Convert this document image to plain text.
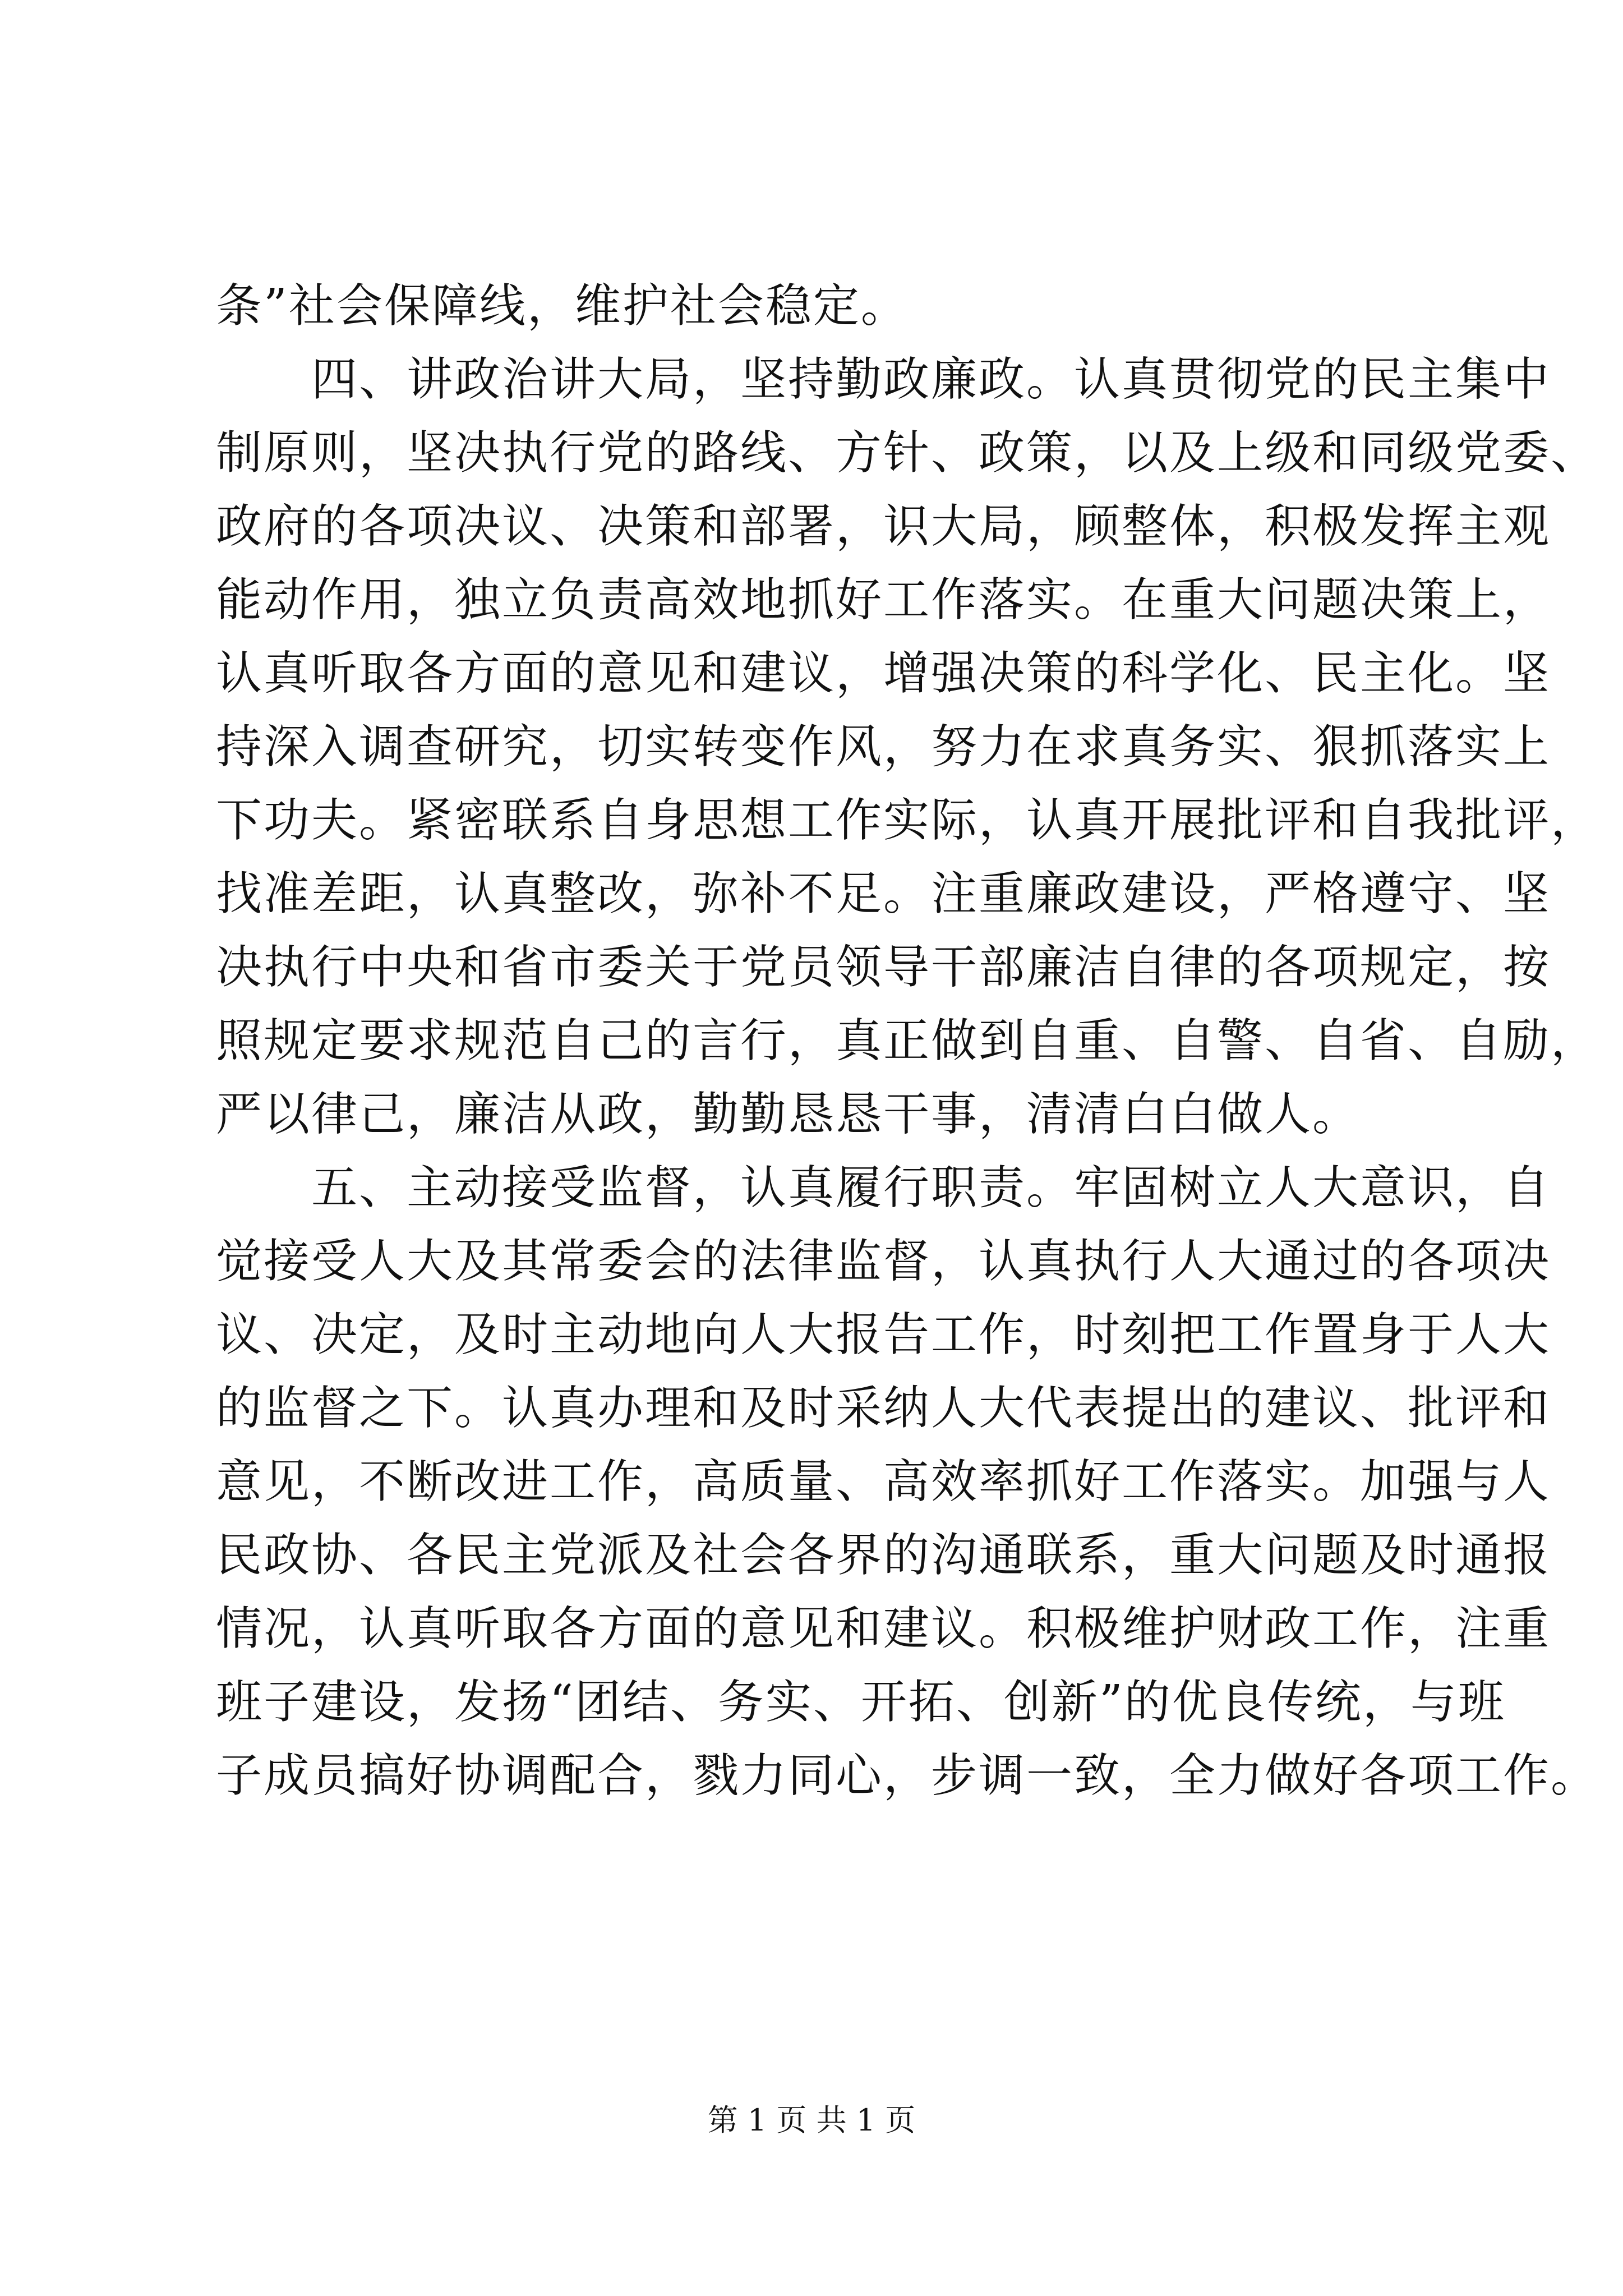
条”社会保障线，维护社会稳定。
四、讲政治讲大局，坚持勤政廉政。认真贯彻党的民主集中
制原则，坚决执行党的路线、方针、政策，以及上级和同级党委、
政府的各项决议、决策和部署，识大局，顾整体，积极发挥主观
能动作用，独立负责高效地抓好工作落实。在重大问题决策上，
认真听取各方面的意见和建议，增强决策的科学化、民主化。坚
持深入调查研究，切实转变作风，努力在求真务实、狠抓落实上
下功夫。紧密联系自身思想工作实际，认真开展批评和自我批评，
找准差距，认真整改，弥补不足。注重廉政建设，严格遵守、坚
决执行中央和省市委关于党员领导干部廉洁自律的各项规定，按
照规定要求规范自己的言行，真正做到自重、自警、自省、自励，
严以律己，廉洁从政，勤勤恳恳干事，清清白白做人。
五、主动接受监督，认真履行职责。牢固树立人大意识，自
觉接受人大及其常委会的法律监督，认真执行人大通过的各项决
议、决定，及时主动地向人大报告工作，时刻把工作置身于人大
的监督之下。认真办理和及时采纳人大代表提出的建议、批评和
意见，不断改进工作，高质量、高效率抓好工作落实。加强与人
民政协、各民主党派及社会各界的沟通联系，重大问题及时通报
情况，认真听取各方面的意见和建议。积极维护财政工作，注重
班子建设，发扬“团结、务实、开拓、创新”的优良传统，与班
子成员搞好协调配合，戮力同心，步调一致，全力做好各项工作。
第 1 页 共 1 页
